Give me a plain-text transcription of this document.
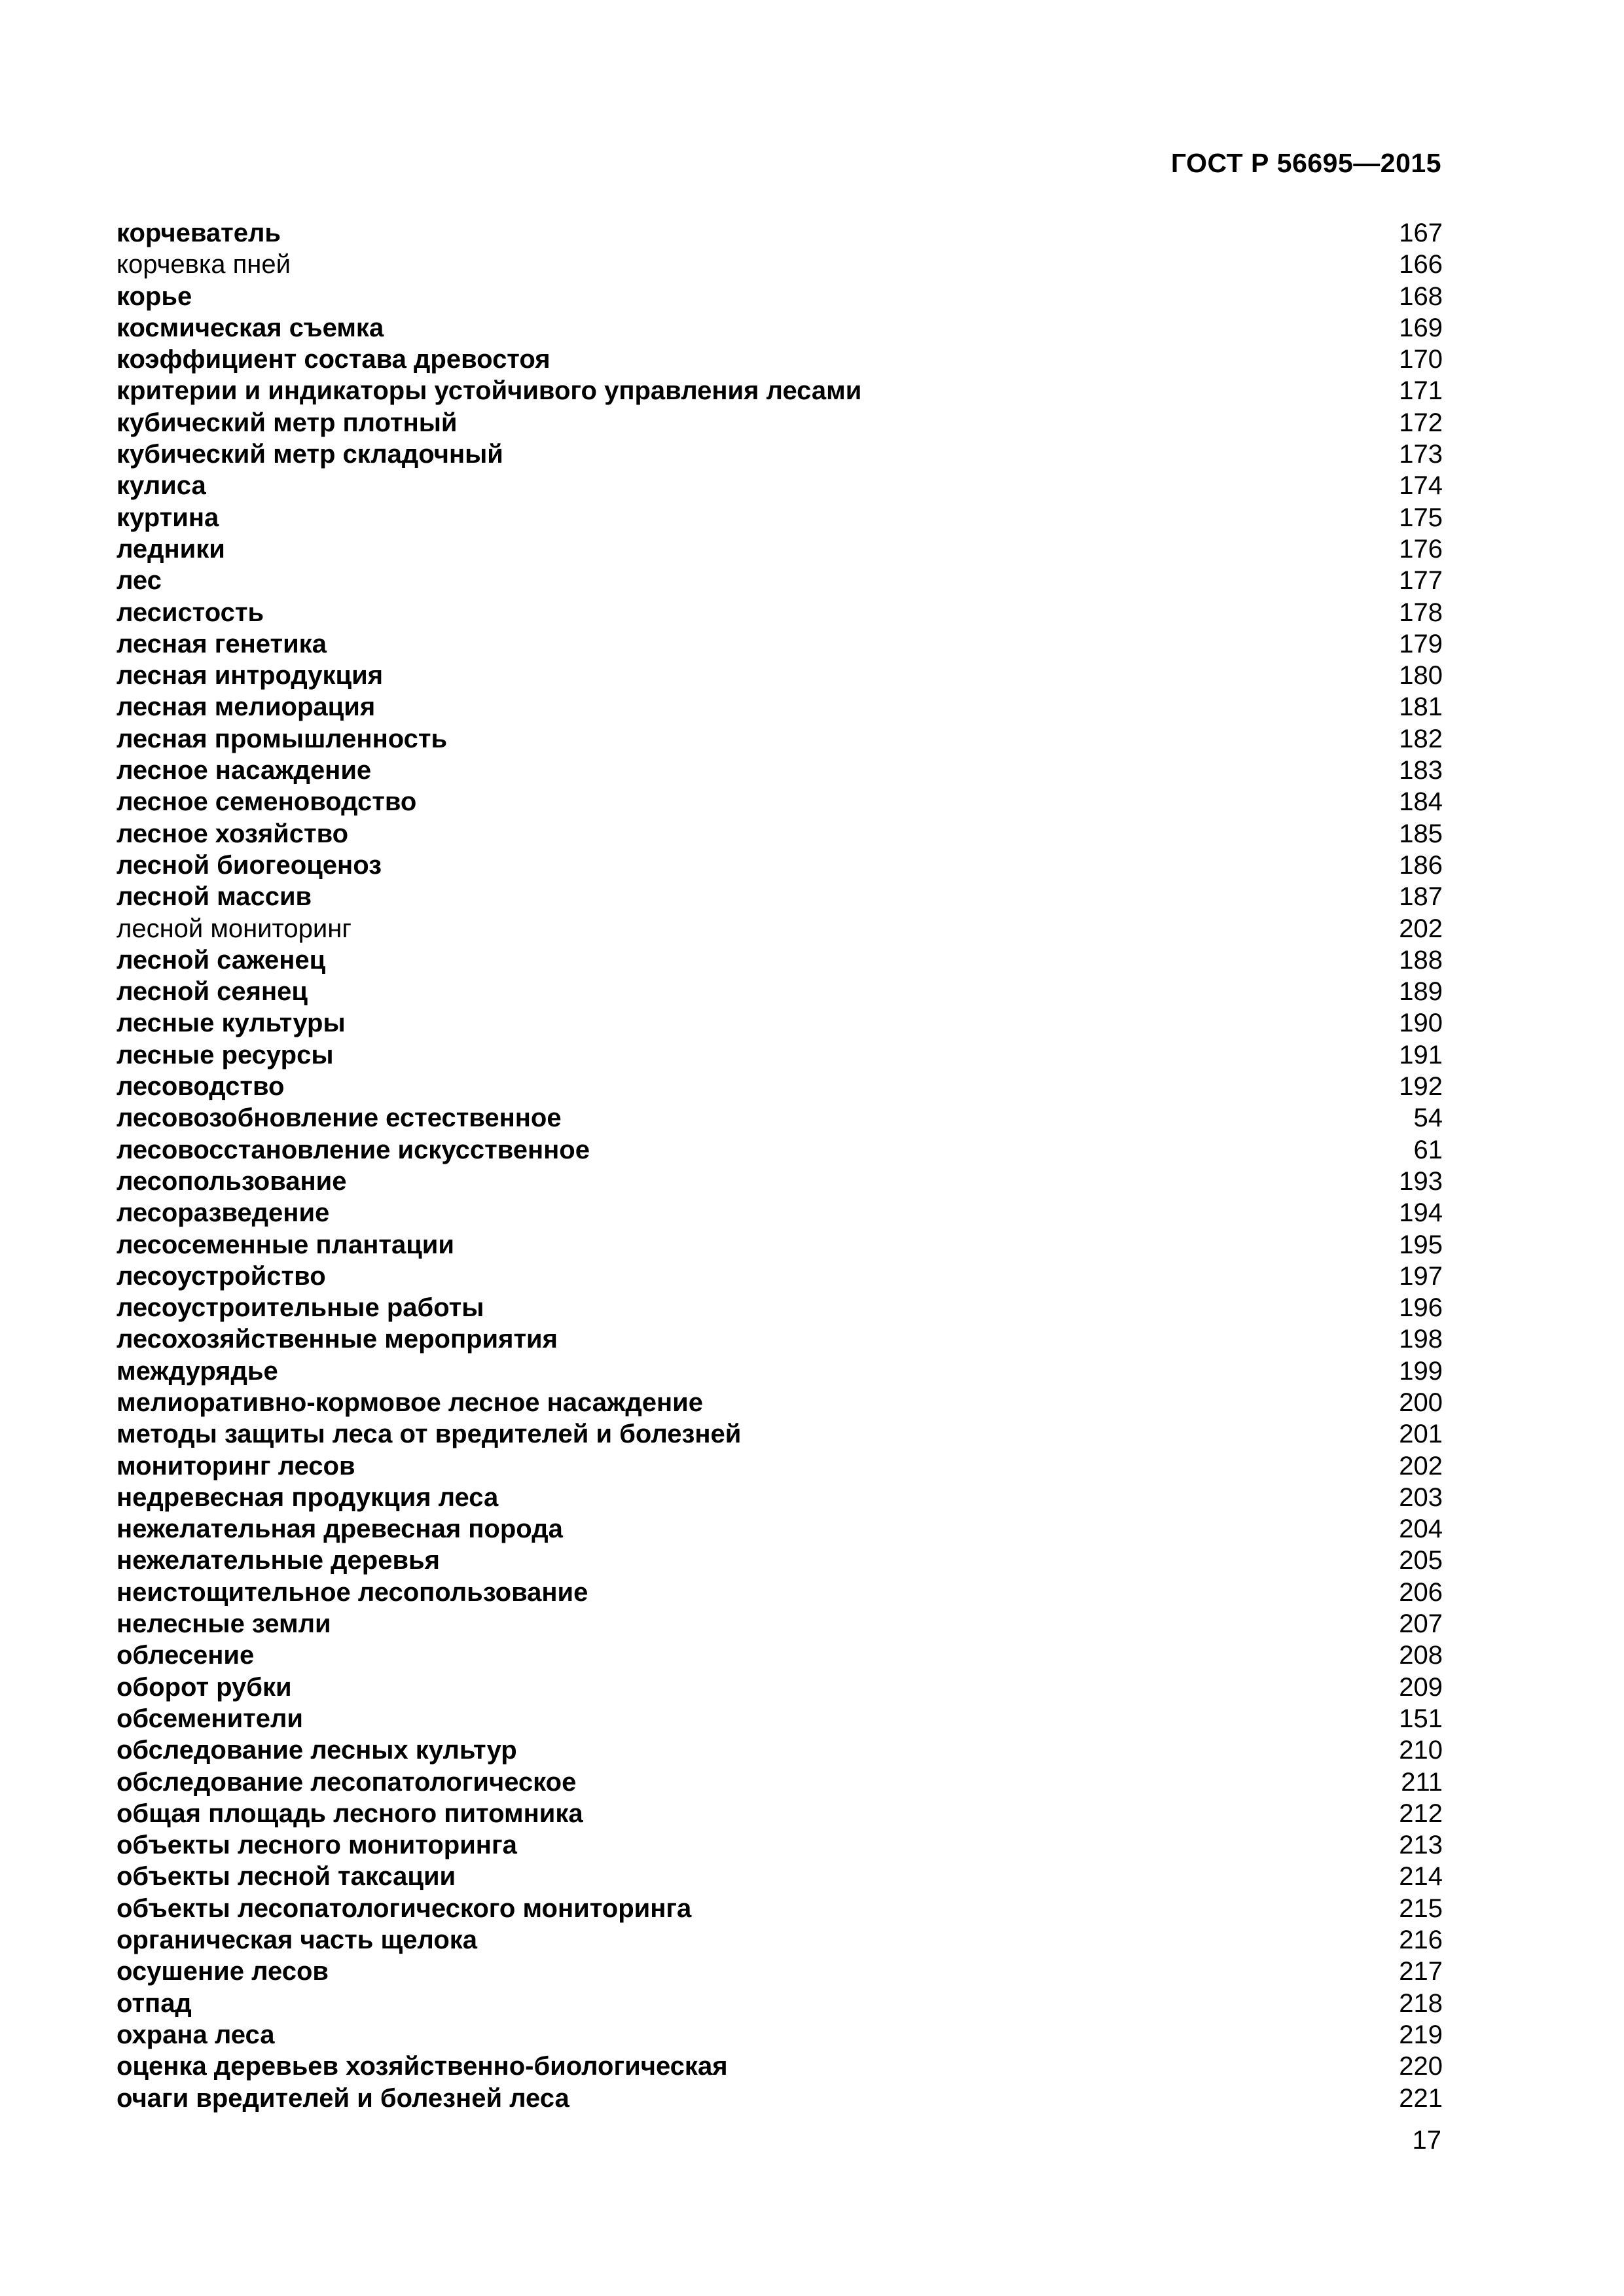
ГОСТ Р 56695—2015
корчеватель	167
корчевка пней	166
корье	168
космическая съемка	169
коэффициент состава древостоя	170
критерии и индикаторы устойчивого управления лесами	171
кубический метр плотный	172
кубический метр складочный	173
кулиса	174
куртина	175
ледники	176
лес	177
лесистость	178
лесная генетика	179
лесная интродукция	180
лесная мелиорация	181
лесная промышленность	182
лесное насаждение	183
лесное семеноводство	184
лесное хозяйство	185
лесной биогеоценоз	186
лесной массив	187
лесной мониторинг	202
лесной саженец	188
лесной сеянец	189
лесные культуры	190
лесные ресурсы	191
лесоводство	192
лесовозобновление естественное	54
лесовосстановление искусственное	61
лесопользование	193
лесоразведение	194
лесосеменные плантации	195
лесоустройство	197
лесоустроительные работы	196
лесохозяйственные мероприятия	198
междурядье	199
мелиоративно-кормовое лесное насаждение	200
методы защиты леса от вредителей и болезней	201
мониторинг лесов	202
недревесная продукция леса	203
нежелательная древесная порода	204
нежелательные деревья	205
неистощительное лесопользование	206
нелесные земли	207
облесение	208
оборот рубки	209
обсеменители	151
обследование лесных культур	210
обследование лесопатологическое	211
общая площадь лесного питомника	212
объекты лесного мониторинга	213
объекты лесной таксации	214
объекты лесопатологического мониторинга	215
органическая часть щелока	216
осушение лесов	217
отпад	218
охрана леса	219
оценка деревьев хозяйственно-биологическая	220
очаги вредителей и болезней леса	221
17
